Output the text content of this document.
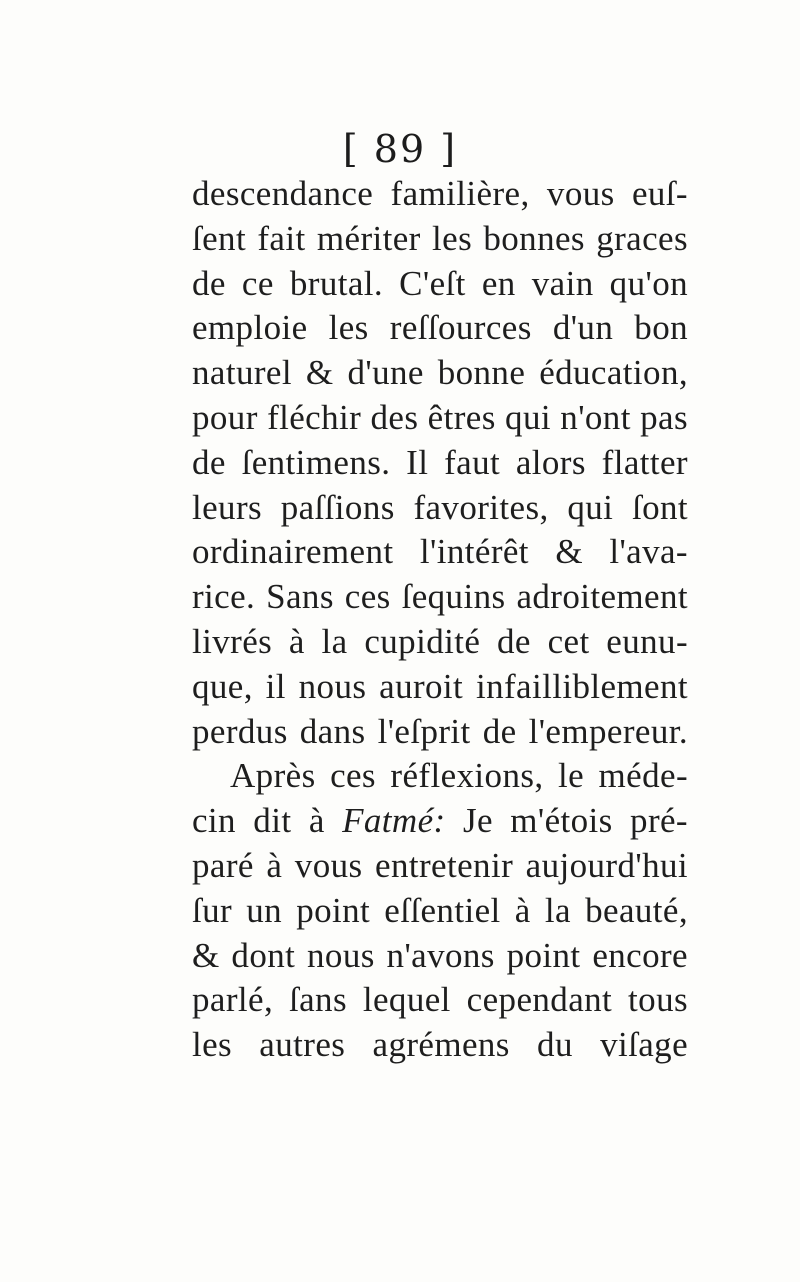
[ 89 ]
descendance familière, vous euſ-
ſent fait mériter les bonnes graces
de ce brutal. C'eſt en vain qu'on
emploie les reſſources d'un bon
naturel & d'une bonne éducation,
pour fléchir des êtres qui n'ont pas
de ſentimens. Il faut alors flatter
leurs paſſions favorites, qui ſont
ordinairement l'intérêt & l'ava-
rice. Sans ces ſequins adroitement
livrés à la cupidité de cet eunu-
que, il nous auroit infailliblement
perdus dans l'eſprit de l'empereur.
Après ces réflexions, le méde-
cin dit à Fatmé: Je m'étois pré-
paré à vous entretenir aujourd'hui
ſur un point eſſentiel à la beauté,
& dont nous n'avons point encore
parlé, ſans lequel cependant tous
les autres agrémens du viſage
